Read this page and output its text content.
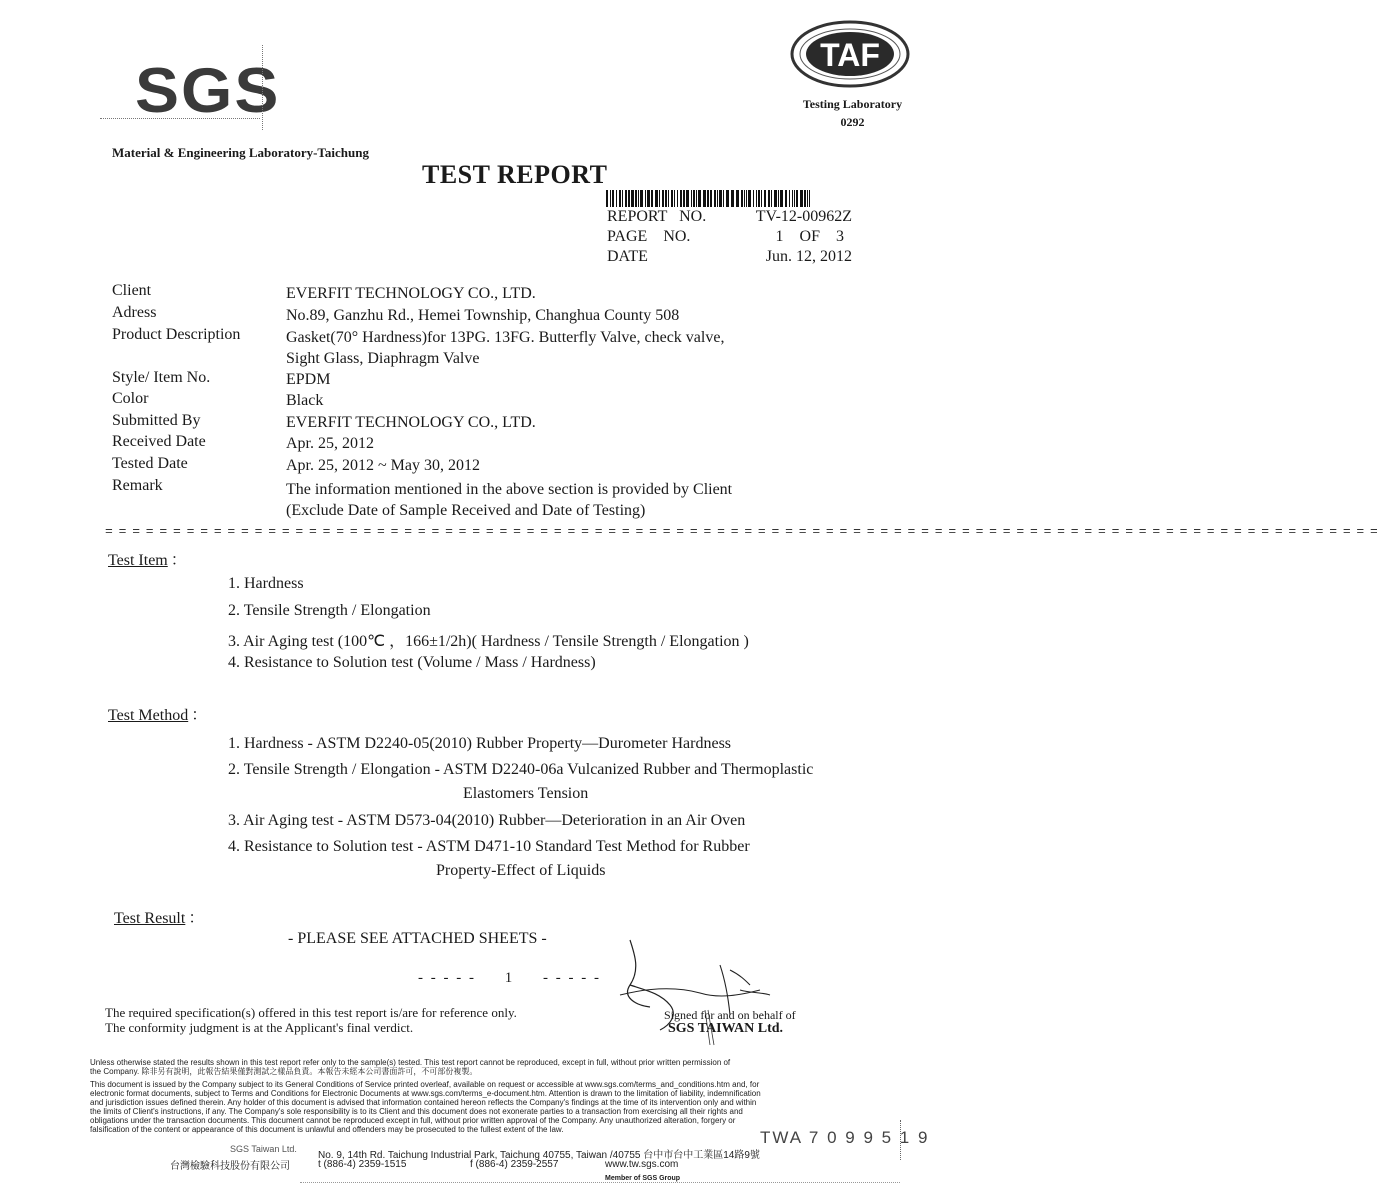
SGS
Material & Engineering Laboratory-Taichung
TAF
Testing Laboratory
0292
TEST REPORT
REPORT   NO.	TV-12-00962Z
PAGE    NO.	1    OF    3
DATE	Jun. 12, 2012
Client	EVERFIT TECHNOLOGY CO., LTD.
Adress	No.89, Ganzhu Rd., Hemei Township, Changhua County 508
Product Description	Gasket(70° Hardness)for 13PG. 13FG. Butterfly Valve, check valve,
Sight Glass, Diaphragm Valve
Style/ Item No.	EPDM
Color	Black
Submitted By	EVERFIT TECHNOLOGY CO., LTD.
Received Date	Apr. 25, 2012
Tested Date	Apr. 25, 2012 ~ May 30, 2012
Remark	The information mentioned in the above section is provided by Client
(Exclude Date of Sample Received and Date of Testing)
= = = = = = = = = = = = = = = = = = = = = = = = = = = = = = = = = = = = = = = = = = = = = = = = = = = = = = = = = = = = = = = = = = = = = = = = = = = = = = = = = = = = = = = = = = = = = =
Test Item ：
1. Hardness
2. Tensile Strength / Elongation
3. Air Aging test (100℃ ，166±1/2h)( Hardness / Tensile Strength / Elongation )
4. Resistance to Solution test (Volume / Mass / Hardness)
Test Method ：
1. Hardness - ASTM D2240-05(2010) Rubber Property—Durometer Hardness
2. Tensile Strength / Elongation - ASTM D2240-06a Vulcanized Rubber and Thermoplastic
Elastomers Tension
3. Air Aging test - ASTM D573-04(2010) Rubber—Deterioration in an Air Oven
4. Resistance to Solution test - ASTM D471-10 Standard Test Method for Rubber
Property-Effect of Liquids
Test Result ：
- PLEASE SEE ATTACHED SHEETS -
- - - - -     1     - - - - -
The required specification(s) offered in this test report is/are for reference only.
The conformity judgment is at the Applicant's final verdict.
Signed for and on behalf of
SGS TAIWAN Ltd.
Unless otherwise stated the results shown in this test report refer only to the sample(s) tested. This test report cannot be reproduced, except in full, without prior written permission of
the Company. 除非另有說明，此報告結果僅對測試之樣品負責。本報告未經本公司書面許可，不可部份複製。
This document is issued by the Company subject to its General Conditions of Service printed overleaf, available on request or accessible at www.sgs.com/terms_and_conditions.htm and, for
electronic format documents, subject to Terms and Conditions for Electronic Documents at www.sgs.com/terms_e-document.htm. Attention is drawn to the limitation of liability, indemnification
and jurisdiction issues defined therein. Any holder of this document is advised that information contained hereon reflects the Company's findings at the time of its intervention only and within
the limits of Client's instructions, if any. The Company's sole responsibility is to its Client and this document does not exonerate parties to a transaction from exercising all their rights and
obligations under the transaction documents. This document cannot be reproduced except in full, without prior written approval of the Company. Any unauthorized alteration, forgery or
falsification of the content or appearance of this document is unlawful and offenders may be prosecuted to the fullest extent of the law.	TWA 7 0 9 9 5 1 9
SGS Taiwan Ltd.
台灣檢驗科技股份有限公司
No. 9, 14th Rd. Taichung Industrial Park, Taichung 40755, Taiwan /40755 台中市台中工業區14路9號
t (886-4) 2359-1515	f (886-4) 2359-2557	www.tw.sgs.com
Member of SGS Group
